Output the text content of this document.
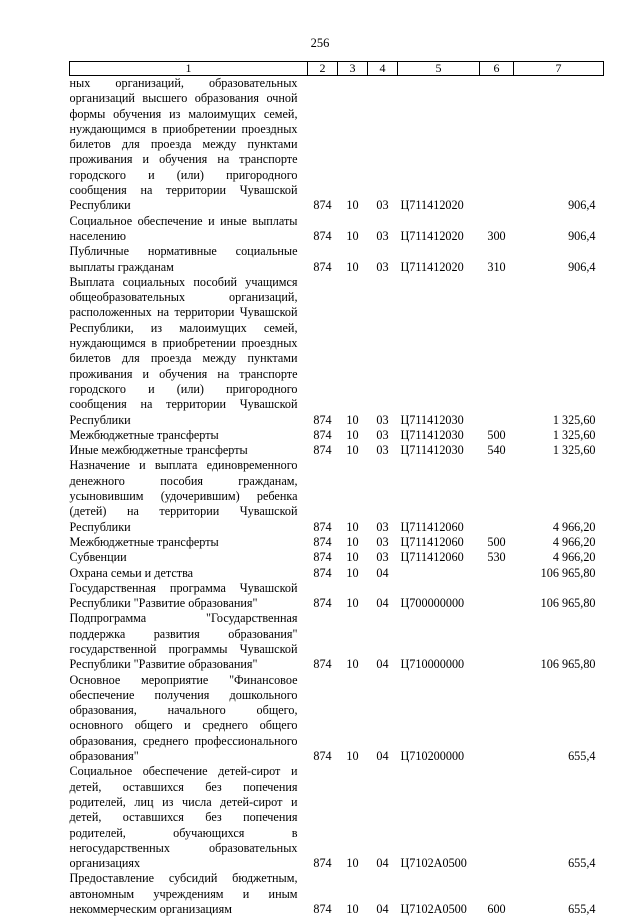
256
1	2	3	4	5	6	7
ных организаций, образовательных организаций высшего образования очной формы обучения из малоимущих семей, нуждающимся в приобретении проездных билетов для проезда между пунктами проживания и обучения на транспорте городского и (или) пригородного сообщения на территории Чувашской Республики	874	10	03	Ц711412020		906,4
Социальное обеспечение и иные выплаты населению	874	10	03	Ц711412020	300	906,4
Публичные нормативные социальные выплаты гражданам	874	10	03	Ц711412020	310	906,4
Выплата социальных пособий учащимся общеобразовательных организаций, расположенных на территории Чувашской Республики, из малоимущих семей, нуждающимся в приобретении проездных билетов для проезда между пунктами проживания и обучения на транспорте городского и (или) пригородного сообщения на территории Чувашской Республики	874	10	03	Ц711412030		1 325,60
Межбюджетные трансферты	874	10	03	Ц711412030	500	1 325,60
Иные межбюджетные трансферты	874	10	03	Ц711412030	540	1 325,60
Назначение и выплата единовременного денежного пособия гражданам, усыновившим (удочерившим) ребенка (детей) на территории Чувашской Республики	874	10	03	Ц711412060		4 966,20
Межбюджетные трансферты	874	10	03	Ц711412060	500	4 966,20
Субвенции	874	10	03	Ц711412060	530	4 966,20
Охрана семьи и детства	874	10	04			106 965,80
Государственная программа Чувашской Республики "Развитие образования"	874	10	04	Ц700000000		106 965,80
Подпрограмма "Государственная поддержка развития образования" государственной программы Чувашской Республики "Развитие образования"	874	10	04	Ц710000000		106 965,80
Основное мероприятие "Финансовое обеспечение получения дошкольного образования, начального общего, основного общего и среднего общего образования, среднего профессионального образования"	874	10	04	Ц710200000		655,4
Социальное обеспечение детей-сирот и детей, оставшихся без попечения родителей, лиц из числа детей-сирот и детей, оставшихся без попечения родителей, обучающихся в негосударственных образовательных организациях	874	10	04	Ц7102А0500		655,4
Предоставление субсидий бюджетным, автономным учреждениям и иным некоммерческим организациям	874	10	04	Ц7102А0500	600	655,4
